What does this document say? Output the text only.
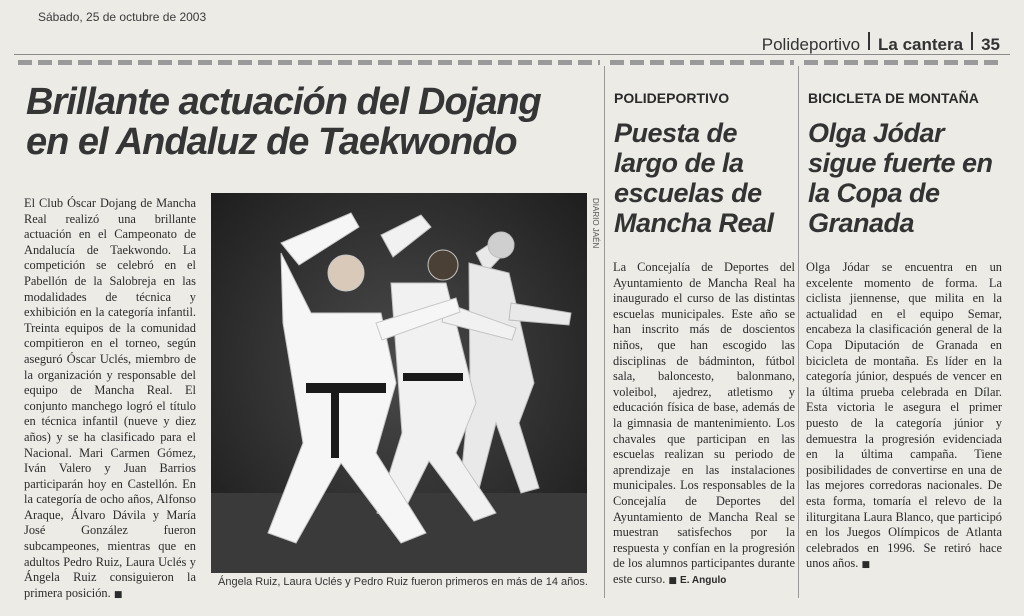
Sábado, 25 de octubre de 2003
Polideportivo La cantera 35
Brillante actuación del Dojang en el Andaluz de Taekwondo

El Club Óscar Dojang de Mancha Real realizó una brillante actuación en el Campeonato de Andalucía de Taekwondo. La competición se celebró en el Pabellón de la Salobreja en las modalidades de técnica y exhibición en la categoría infantil. Treinta equipos de la comunidad compitieron en el torneo, según aseguró Óscar Uclés, miembro de la organización y responsable del equipo de Mancha Real. El conjunto manchego logró el título en técnica infantil (nueve y diez años) y se ha clasificado para el Nacional. Mari Carmen Gómez, Iván Valero y Juan Barrios participarán hoy en Castellón. En la categoría de ocho años, Alfonso Araque, Álvaro Dávila y María José González fueron subcampeones, mientras que en adultos Pedro Ruiz, Laura Uclés y Ángela Ruiz consiguieron la primera posición. ■

DIARIO JAÉN

Ángela Ruiz, Laura Uclés y Pedro Ruiz fueron primeros en más de 14 años.

POLIDEPORTIVO
Puesta de largo de la escuelas de Mancha Real

La Concejalía de Deportes del Ayuntamiento de Mancha Real ha inaugurado el curso de las distintas escuelas municipales. Este año se han inscrito más de doscientos niños, que han escogido las disciplinas de bádminton, fútbol sala, baloncesto, balonmano, voleibol, ajedrez, atletismo y educación física de base, además de la gimnasia de mantenimiento. Los chavales que participan en las escuelas realizan su periodo de aprendizaje en las instalaciones municipales. Los responsables de la Concejalía de Deportes del Ayuntamiento de Mancha Real se muestran satisfechos por la respuesta y confían en la progresión de los alumnos participantes durante este curso. ■ E. Angulo

BICICLETA DE MONTAÑA
Olga Jódar sigue fuerte en la Copa de Granada

Olga Jódar se encuentra en un excelente momento de forma. La ciclista jiennense, que milita en la actualidad en el equipo Semar, encabeza la clasificación general de la Copa Diputación de Granada en bicicleta de montaña. Es líder en la categoría júnior, después de vencer en la última prueba celebrada en Dílar. Esta victoria le asegura el primer puesto de la categoría júnior y demuestra la progresión evidenciada en la última campaña. Tiene posibilidades de convertirse en una de las mejores corredoras nacionales. De esta forma, tomaría el relevo de la iliturgitana Laura Blanco, que participó en los Juegos Olímpicos de Atlanta celebrados en 1996. Se retiró hace unos años. ■
